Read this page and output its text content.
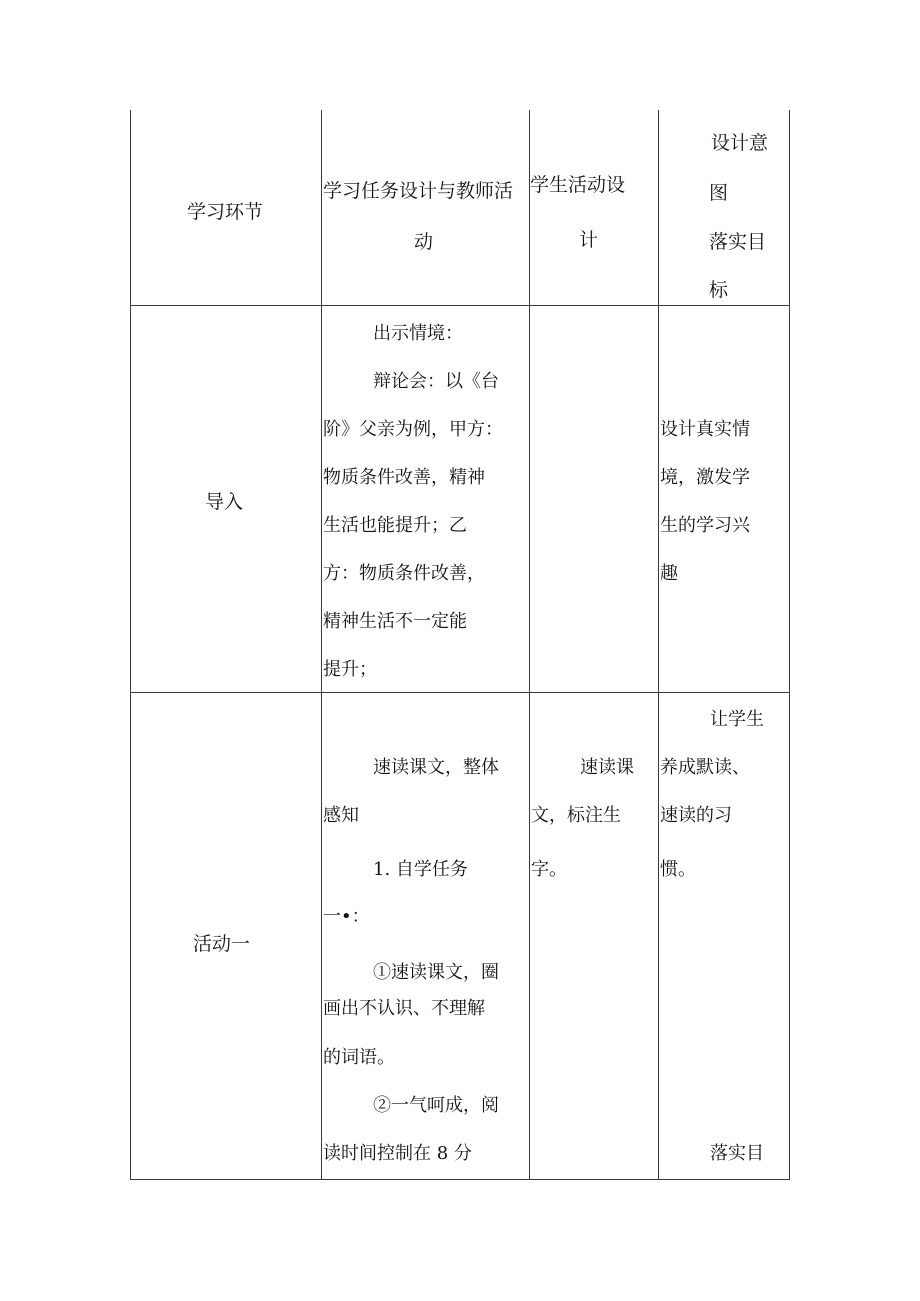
学习环节
学习任务设计与教师活
动
学生活动设
计
设计意
图
落实目
标
导入
出示情境：
辩论会：以《台
阶》父亲为例，甲方：
物质条件改善，精神
生活也能提升；乙
方：物质条件改善，
精神生活不一定能
提升；
设计真实情
境，激发学
生的学习兴
趣
活动一
速读课文，整体
感知
1. 自学任务
一•：
①速读课文，圈
画出不认识、不理解
的词语。
②一气呵成，阅
读时间控制在 8 分
速读课
文，标注生
字。
让学生
养成默读、
速读的习
惯。
落实目
